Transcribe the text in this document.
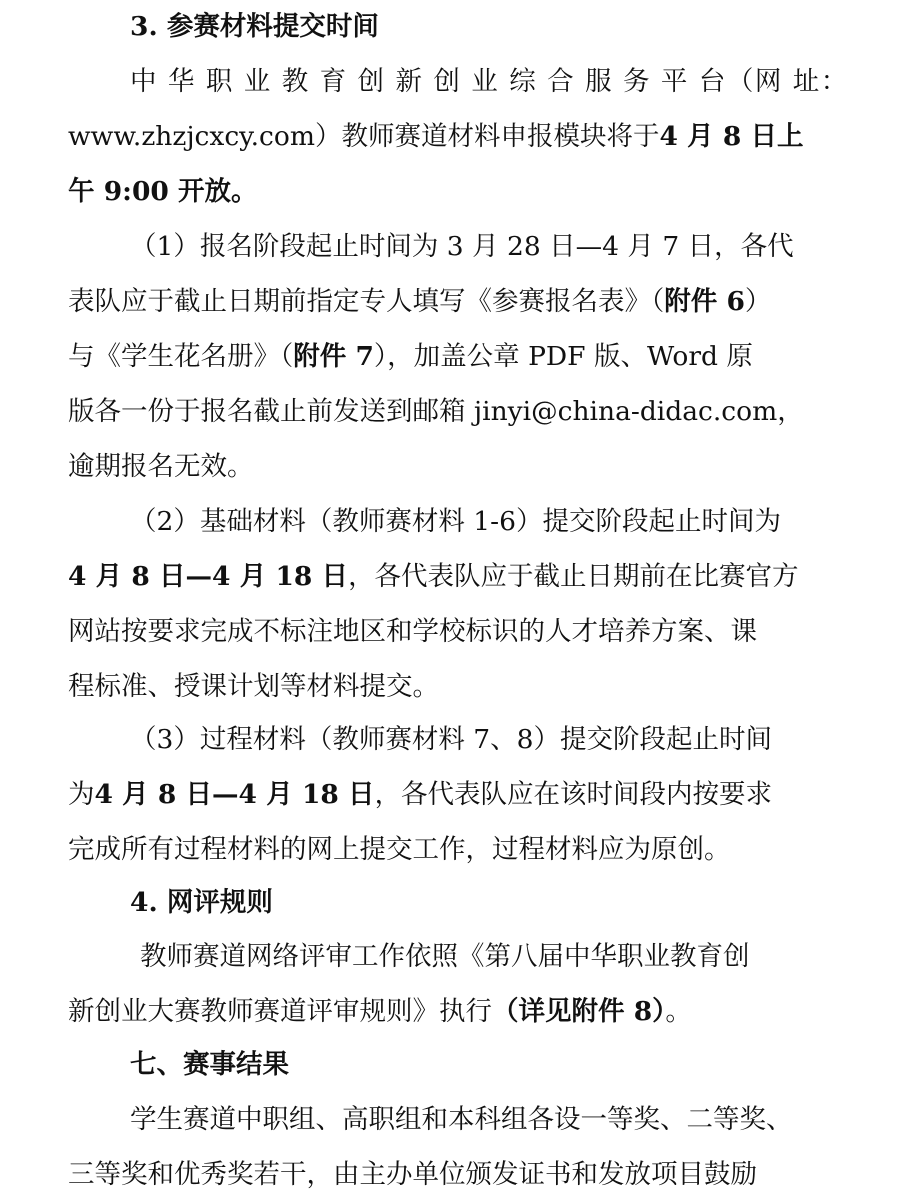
3. 参赛材料提交时间
中 华 职 业 教 育 创 新 创 业 综 合 服 务 平 台（网 址：
www.zhzjcxcy.com）教师赛道材料申报模块将于4 月 8 日上
午 9:00 开放。
（1）报名阶段起止时间为 3 月 28 日—4 月 7 日，各代
表队应于截止日期前指定专人填写《参赛报名表》（附件 6）
与《学生花名册》（附件 7），加盖公章 PDF 版、Word 原
版各一份于报名截止前发送到邮箱 jinyi@china-didac.com，
逾期报名无效。
（2）基础材料（教师赛材料 1-6）提交阶段起止时间为
4 月 8 日—4 月 18 日，各代表队应于截止日期前在比赛官方
网站按要求完成不标注地区和学校标识的人才培养方案、课
程标准、授课计划等材料提交。
（3）过程材料（教师赛材料 7、8）提交阶段起止时间
为4 月 8 日—4 月 18 日，各代表队应在该时间段内按要求
完成所有过程材料的网上提交工作，过程材料应为原创。
4. 网评规则
教师赛道网络评审工作依照《第八届中华职业教育创
新创业大赛教师赛道评审规则》执行（详见附件 8）。
七、赛事结果
学生赛道中职组、高职组和本科组各设一等奖、二等奖、
三等奖和优秀奖若干，由主办单位颁发证书和发放项目鼓励
